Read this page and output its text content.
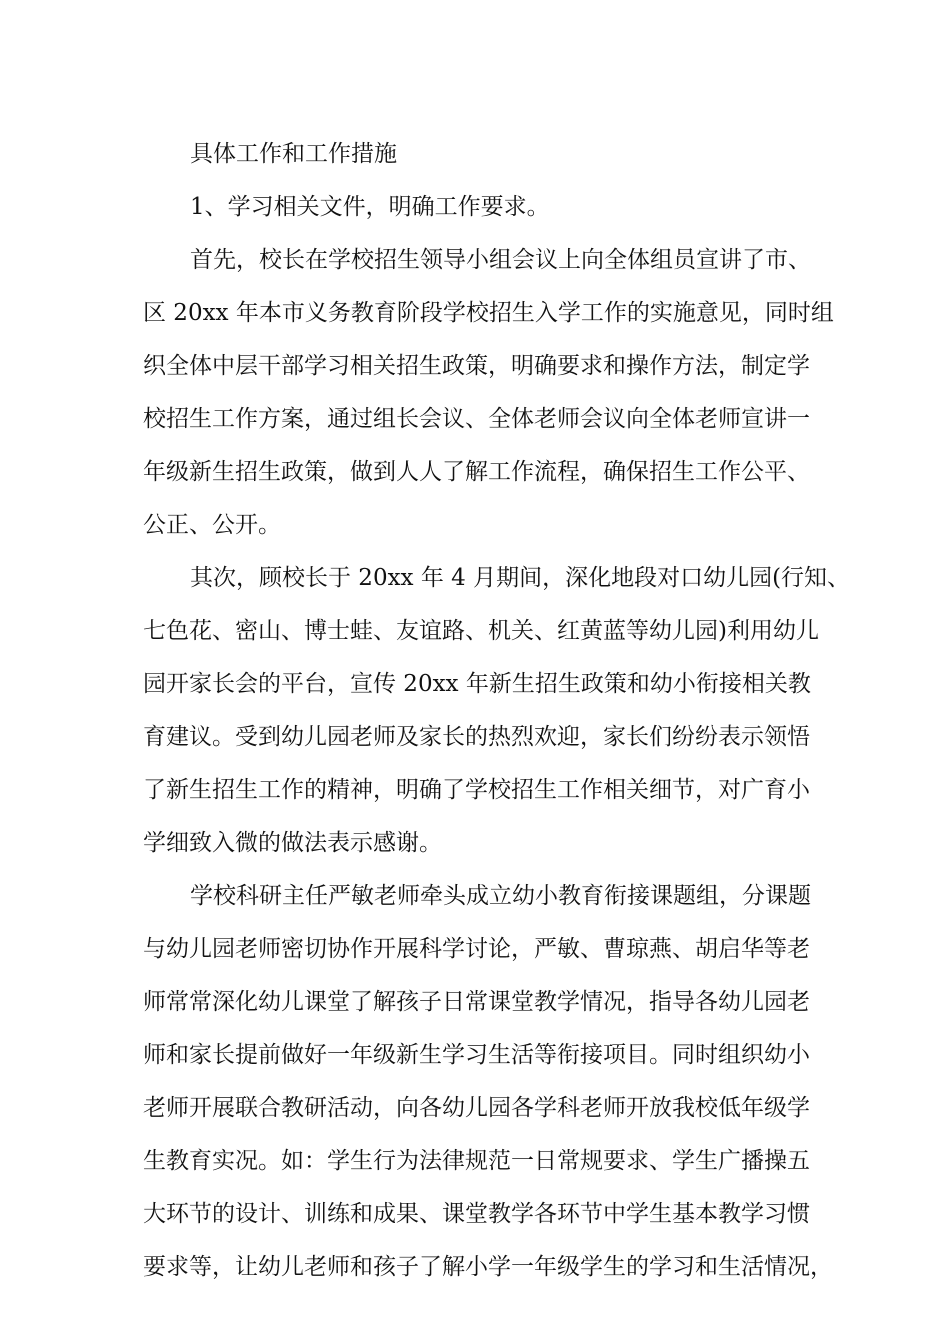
具体工作和工作措施
1、学习相关文件，明确工作要求。
首先，校长在学校招生领导小组会议上向全体组员宣讲了市、
区 20xx 年本市义务教育阶段学校招生入学工作的实施意见，同时组
织全体中层干部学习相关招生政策，明确要求和操作方法，制定学
校招生工作方案，通过组长会议、全体老师会议向全体老师宣讲一
年级新生招生政策，做到人人了解工作流程，确保招生工作公平、
公正、公开。
其次，顾校长于 20xx 年 4 月期间，深化地段对口幼儿园(行知、
七色花、密山、博士蛙、友谊路、机关、红黄蓝等幼儿园)利用幼儿
园开家长会的平台，宣传 20xx 年新生招生政策和幼小衔接相关教
育建议。受到幼儿园老师及家长的热烈欢迎，家长们纷纷表示领悟
了新生招生工作的精神，明确了学校招生工作相关细节，对广育小
学细致入微的做法表示感谢。
学校科研主任严敏老师牵头成立幼小教育衔接课题组，分课题
与幼儿园老师密切协作开展科学讨论，严敏、曹琼燕、胡启华等老
师常常深化幼儿课堂了解孩子日常课堂教学情况，指导各幼儿园老
师和家长提前做好一年级新生学习生活等衔接项目。同时组织幼小
老师开展联合教研活动，向各幼儿园各学科老师开放我校低年级学
生教育实况。如：学生行为法律规范一日常规要求、学生广播操五
大环节的设计、训练和成果、课堂教学各环节中学生基本教学习惯
要求等，让幼儿老师和孩子了解小学一年级学生的学习和生活情况，
